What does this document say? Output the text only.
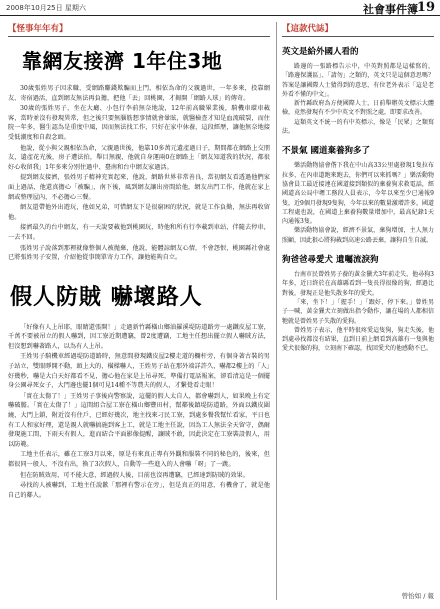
2008年10月25日 星期六	社會事件簿
19
【怪事年年有】
靠網友接濟 1年住3地

30歲張姓男子因求職、受網路賺錢欺騙而上門，相依為命的父親過世，一年多來，投靠網友、寄宿過活，直到網友無法再負擔，把他「丟」回桃園，才揭開「網路人球」的傳奇。

30歲的張姓男子，坐在大廳、小包行李前無奈地說，12年前高職畢業後，騎機車環車載客，當時並沒有發現異常，但之後只要無腦筋想事情就會暈眩，就醫檢查才知是血流破裂，而住院一年多，醫生認為是重度中風，因而無法找工作，只好在家中休養，這段經歷，讓他無奈地接受低潮度和自殺念頭。

他說，從小與父親相依為命，父親過世後，他靠10多萬元遺產過日子，期間都在網路上交朋友，遺產花光後，房子遭法拍，舉目無親，他就自身運兩0在網路上「網友知道我的狀況，都很好心收留我」1年多來分別住過中、臺南和台中網友家過活。

提到網友接濟，張姓男子精神充實起來，他說，網路世界非常善良，當初網友看透過他們家面上過話，他還真擔心「被騙」，南下後，風到網友讓出房間給他，網友出門工作，他就在家上網或整理屋內，不必擔心三餐。

網友還帶他外出遊玩，他如兄弟，可惜網友下是很窮困的狀況，就是工作負勤，無法再收留他。

接濟最久的台中網友，有一天說要載他到桃園玩，時他和所有行李載到車站，伴隨去停車，一去不回。

張姓男子說落到那裡就像整個人被拋棄，他說，能體諒網友心情，不會怨恨，桃園縣社會處已將張姓男子安置，介紹他從事簡單寄力工作，讓他能夠自立。

假人防賊 嚇壞路人

「好像有人上吊耶，眼睛還張開！」走過新竹縣橫山鄉油羅溪堤防道路旁一處鐵皮屋工寮，千萬不要被吊立的假人嚇到，因工寮近期遭竊，曾2度遭竊，工地主任想出擺立假人嚇賊方法，但沒想到嚇著路人，以為有人上吊。

王姓男子騎機車經過堤防道路時，無意間發現鐵皮屋2樓走道的欄杆旁，有個身著古裝的男子站立，雙眼睜開不動，頭上大的，橫樑嚇人，王姓男子站在那外端詳許久，嚇都2樓上的「人」好幾秒，嚇是大白天好都看不見，擔心他在家是上吊尋死，準備打電話報案，卻看清這是一個擺身公園尋死女子，大門邊也擺1個可見14種不等農夫的假人，才繫覺看走眼！

「實在太傷了！」王姓男子事後向警察說，這擺的假人太自人，都會嚇到人，如果晚上有定嚇破膽。「實在太傷了！」這間組合屋工寮在橫山鄉豐田村，幫鄰後鎮堤防道路，外面以鐵皮圍繞，大門上鎖，附近沒有住戶，已經好幾次，地主找來刁民工寮，到處多餐我幫忙看家，平日也有工人和家好理，還是親人就嚇搞施到客上工，就是工地主任說，因為工人無法全天留守，偶爾發現施工間，下雨天有假人，進而結合平面影像提醒，讓賊不敢，因此決定在工寮裝設假人，用以防範。

工地主任表示，雖在工寮3月以來，原是有來真正專有外觀和服裝不同的秘色的，後來，但都很同一般人，不沒有出，換了3次假人，自動等一些進入的人會嚇「呀」了一跳。

但在防賊效用，可不能大意，經過假人後，目前也沒再遭竊，已經達到防賊的效果。

尋找的人被嚇到，工地主任說歉「那裡有警示在旁」，但是真正的用意，有機會了，就是他自己的鄰人。

【這款代誌】
英文是給外國人看的

路邊的一張路標告示中，中英對照都是這樣寫的，「路邊保護區」、「請勿」之類的，英文只是這個意思嗎？答案是讓國際人士猜得到的意思，有位老外表示「這是老外看不懂的中文」。

新竹縣政府為方便國際人士，日前舉辦英文標示大體檢，竟然發現有不少中英文不對照之處，即要求改善。

這類英文不統一的有中英標示，像是「民眾」之類寫法。

不景氣 國道棄養狗多了

樂活動物協會偕下我在中山高33公里處發現1隻拉布拉多，在內車道跑來跑去，你們可以來抓嗎？」樂活動物協會員工最近接連在國道接到類似的棄養狗求救電話，經國道高公局中壢工務段人員表示，今年以來至少已通報9隻，近9個月發現9隻狗，今年以來的數量激增許多，國道工程處也說，在國道上棄養狗數量增加中，最高紀錄1天內通報3隻。

樂活動物協會說，經濟不景氣，棄狗增加，主人無力照顧，因此狠心將狗載到高速公路丟棄，讓狗自生自滅。

狗爸爸尋愛犬 遺囑流淚狗

台南市民曾姓男子養的黃金獵犬3年前走失，他尋狗3年多，近日終於在高雄縣看到一隻長得很像的狗，經過比對後，發現正是他失散多年的愛犬。

「來，坐下！」「握手！」「跟好，停下來。」曾姓男子一喊，黃金獵犬立刻做出指令動作，讓在場的人都相信牠就是曾姓男子失散的愛狗。

曾姓男子表示，他平時很疼愛這隻狗，狗走失後，他到處尋找都沒有結果，直到日前上網看到高雄有一隻與他愛犬很像的狗，立刻南下確認，找回愛犬的他感動不已。

曾怡如 / 報
